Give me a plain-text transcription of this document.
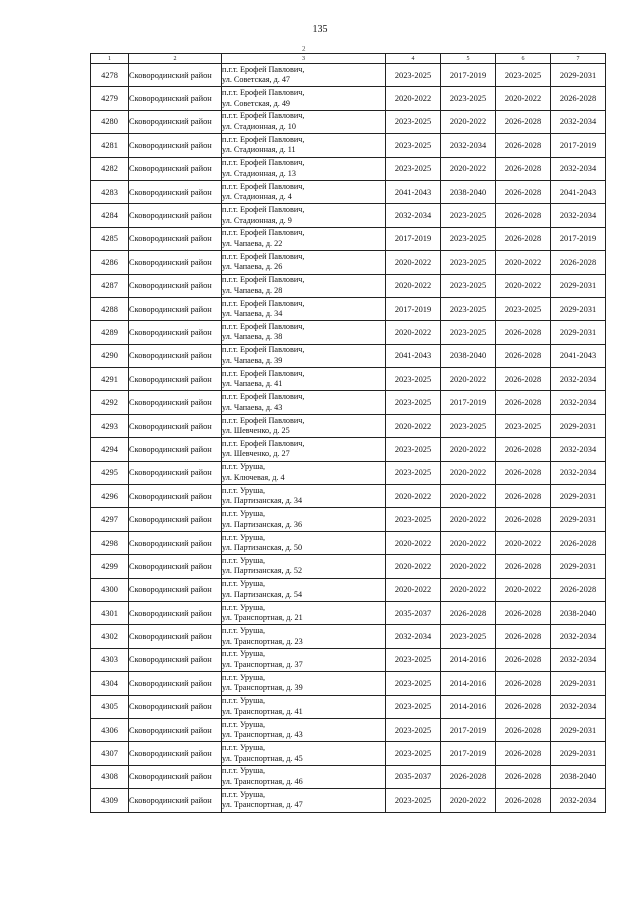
135
2
1	2	3	4	5	6	7
4278	Сковородинский район	п.г.т. Ерофей Павлович,
ул. Советская, д. 47	2023-2025	2017-2019	2023-2025	2029-2031
4279	Сковородинский район	п.г.т. Ерофей Павлович,
ул. Советская, д. 49	2020-2022	2023-2025	2020-2022	2026-2028
4280	Сковородинский район	п.г.т. Ерофей Павлович,
ул. Стадионная, д. 10	2023-2025	2020-2022	2026-2028	2032-2034
4281	Сковородинский район	п.г.т. Ерофей Павлович,
ул. Стадионная, д. 11	2023-2025	2032-2034	2026-2028	2017-2019
4282	Сковородинский район	п.г.т. Ерофей Павлович,
ул. Стадионная, д. 13	2023-2025	2020-2022	2026-2028	2032-2034
4283	Сковородинский район	п.г.т. Ерофей Павлович,
ул. Стадионная, д. 4	2041-2043	2038-2040	2026-2028	2041-2043
4284	Сковородинский район	п.г.т. Ерофей Павлович,
ул. Стадионная, д. 9	2032-2034	2023-2025	2026-2028	2032-2034
4285	Сковородинский район	п.г.т. Ерофей Павлович,
ул. Чапаева, д. 22	2017-2019	2023-2025	2026-2028	2017-2019
4286	Сковородинский район	п.г.т. Ерофей Павлович,
ул. Чапаева, д. 26	2020-2022	2023-2025	2020-2022	2026-2028
4287	Сковородинский район	п.г.т. Ерофей Павлович,
ул. Чапаева, д. 28	2020-2022	2023-2025	2020-2022	2029-2031
4288	Сковородинский район	п.г.т. Ерофей Павлович,
ул. Чапаева, д. 34	2017-2019	2023-2025	2023-2025	2029-2031
4289	Сковородинский район	п.г.т. Ерофей Павлович,
ул. Чапаева, д. 38	2020-2022	2023-2025	2026-2028	2029-2031
4290	Сковородинский район	п.г.т. Ерофей Павлович,
ул. Чапаева, д. 39	2041-2043	2038-2040	2026-2028	2041-2043
4291	Сковородинский район	п.г.т. Ерофей Павлович,
ул. Чапаева, д. 41	2023-2025	2020-2022	2026-2028	2032-2034
4292	Сковородинский район	п.г.т. Ерофей Павлович,
ул. Чапаева, д. 43	2023-2025	2017-2019	2026-2028	2032-2034
4293	Сковородинский район	п.г.т. Ерофей Павлович,
ул. Шевченко, д. 25	2020-2022	2023-2025	2023-2025	2029-2031
4294	Сковородинский район	п.г.т. Ерофей Павлович,
ул. Шевченко, д. 27	2023-2025	2020-2022	2026-2028	2032-2034
4295	Сковородинский район	п.г.т. Уруша,
ул. Ключевая, д. 4	2023-2025	2020-2022	2026-2028	2032-2034
4296	Сковородинский район	п.г.т. Уруша,
ул. Партизанская, д. 34	2020-2022	2020-2022	2026-2028	2029-2031
4297	Сковородинский район	п.г.т. Уруша,
ул. Партизанская, д. 36	2023-2025	2020-2022	2026-2028	2029-2031
4298	Сковородинский район	п.г.т. Уруша,
ул. Партизанская, д. 50	2020-2022	2020-2022	2020-2022	2026-2028
4299	Сковородинский район	п.г.т. Уруша,
ул. Партизанская, д. 52	2020-2022	2020-2022	2026-2028	2029-2031
4300	Сковородинский район	п.г.т. Уруша,
ул. Партизанская, д. 54	2020-2022	2020-2022	2020-2022	2026-2028
4301	Сковородинский район	п.г.т. Уруша,
ул. Транспортная, д. 21	2035-2037	2026-2028	2026-2028	2038-2040
4302	Сковородинский район	п.г.т. Уруша,
ул. Транспортная, д. 23	2032-2034	2023-2025	2026-2028	2032-2034
4303	Сковородинский район	п.г.т. Уруша,
ул. Транспортная, д. 37	2023-2025	2014-2016	2026-2028	2032-2034
4304	Сковородинский район	п.г.т. Уруша,
ул. Транспортная, д. 39	2023-2025	2014-2016	2026-2028	2029-2031
4305	Сковородинский район	п.г.т. Уруша,
ул. Транспортная, д. 41	2023-2025	2014-2016	2026-2028	2032-2034
4306	Сковородинский район	п.г.т. Уруша,
ул. Транспортная, д. 43	2023-2025	2017-2019	2026-2028	2029-2031
4307	Сковородинский район	п.г.т. Уруша,
ул. Транспортная, д. 45	2023-2025	2017-2019	2026-2028	2029-2031
4308	Сковородинский район	п.г.т. Уруша,
ул. Транспортная, д. 46	2035-2037	2026-2028	2026-2028	2038-2040
4309	Сковородинский район	п.г.т. Уруша,
ул. Транспортная, д. 47	2023-2025	2020-2022	2026-2028	2032-2034
